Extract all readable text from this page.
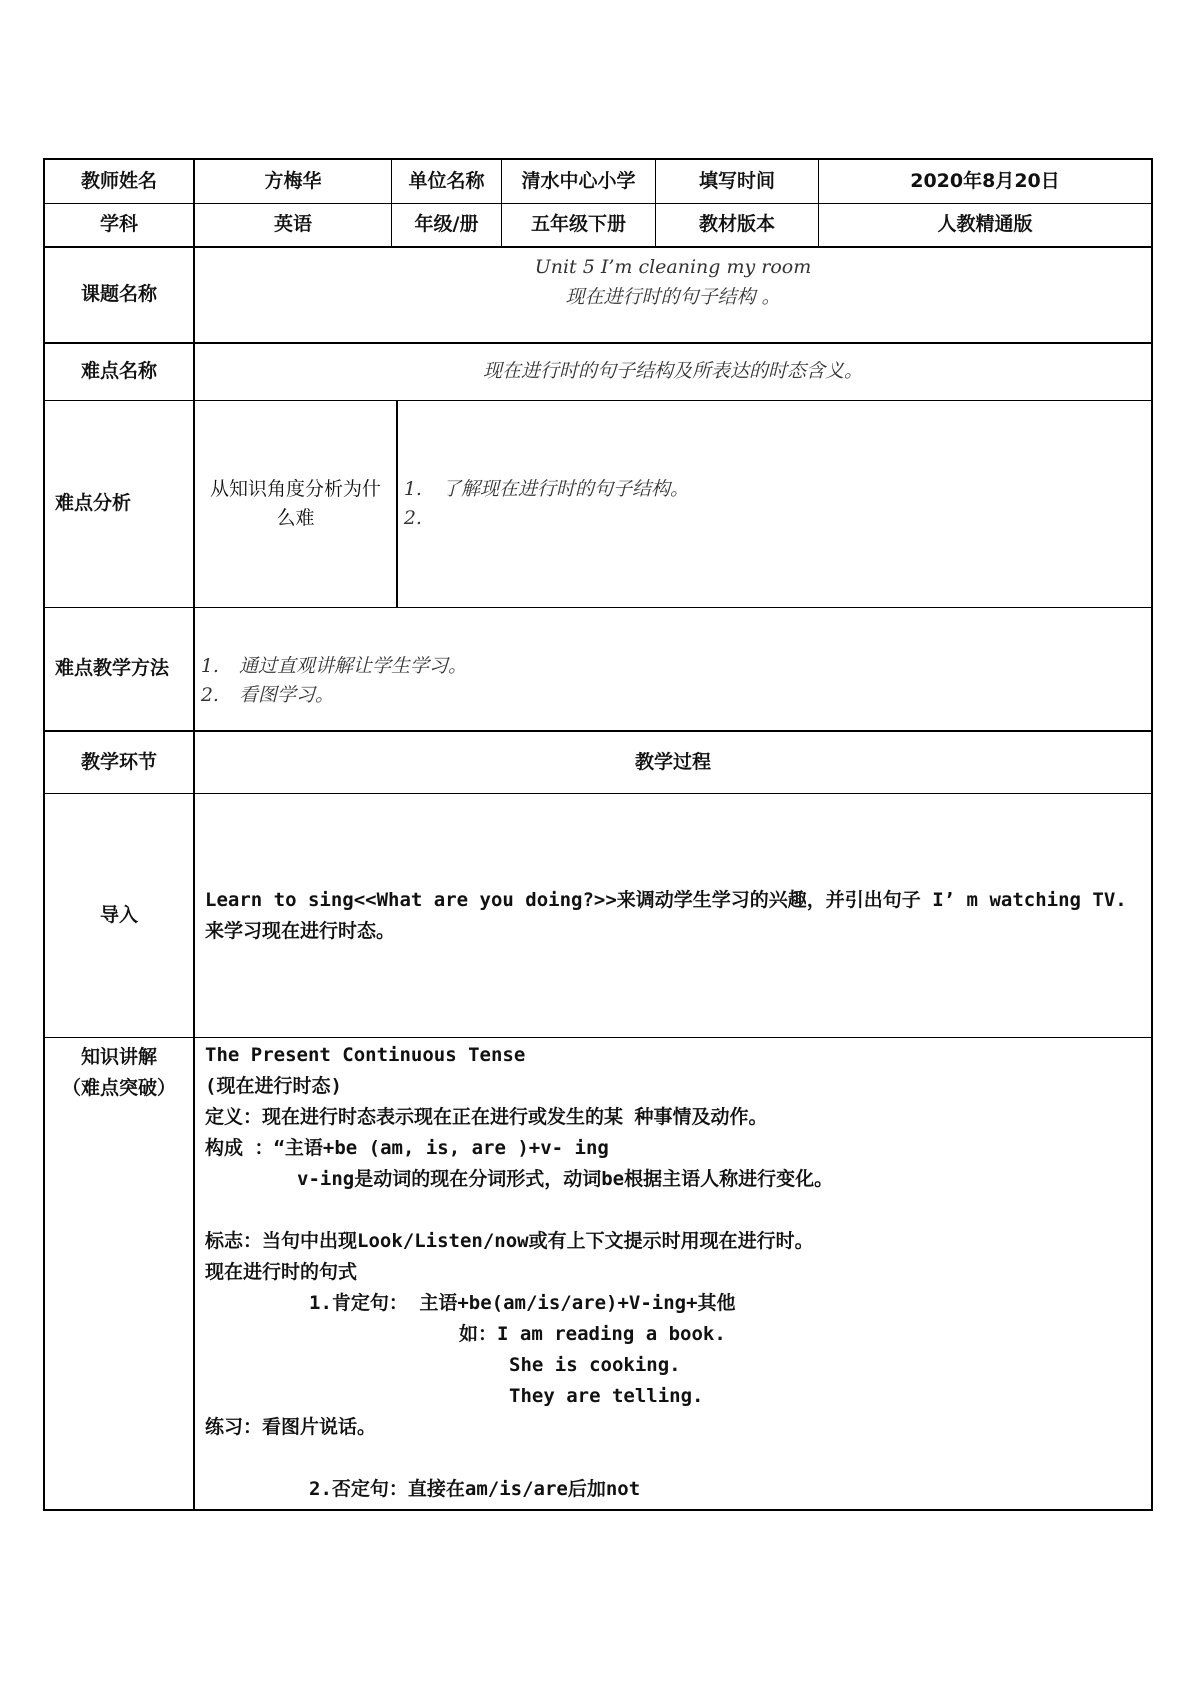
教师姓名	方梅华	单位名称	清水中心小学	填写时间	2020年8月20日
学科	英语	年级/册	五年级下册	教材版本	人教精通版
课题名称
Unit 5 I’m cleaning my room
现在进行时的句子结构 。
难点名称	现在进行时的句子结构及所表达的时态含义。
难点分析
从知识角度分析为什么难
1. 了解现在进行时的句子结构。
2.
难点教学方法
1.	通过直观讲解让学生学习。
2. 看图学习。
教学环节	教学过程
导入
Learn to sing<<What are you doing?>>来调动学生学习的兴趣，并引出句子 I’ m watching TV.来学习现在进行时态。
知识讲解
（难点突破）

The Present Continuous Tense

(现在进行时态)

定义：现在进行时态表示现在正在进行或发生的某 种事情及动作。

构成 ：“主语+be (am, is, are )+v- ing

v-ing是动词的现在分词形式，动词be根据主语人称进行变化。

标志：当句中出现Look/Listen/now或有上下文提示时用现在进行时。

现在进行时的句式

1.肯定句： 主语+be(am/is/are)+V-ing+其他

如：I am reading a book.

She is cooking.

They are telling.

练习：看图片说话。

2.否定句：直接在am/is/are后加not
